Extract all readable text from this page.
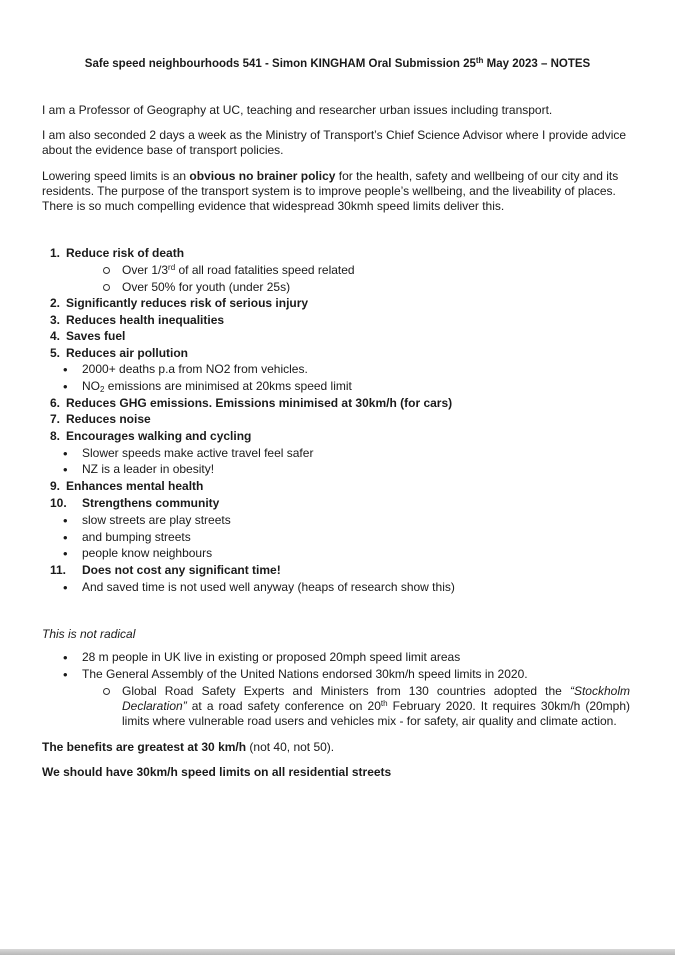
Safe speed neighbourhoods 541 - Simon KINGHAM Oral Submission 25th May 2023 – NOTES
I am a Professor of Geography at UC, teaching and researcher urban issues including transport.
I am also seconded 2 days a week as the Ministry of Transport’s Chief Science Advisor where I provide advice about the evidence base of transport policies.
Lowering speed limits is an obvious no brainer policy for the health, safety and wellbeing of our city and its residents. The purpose of the transport system is to improve people’s wellbeing, and the liveability of places. There is so much compelling evidence that widespread 30kmh speed limits deliver this.
1. Reduce risk of death
Over 1/3rd of all road fatalities speed related
Over 50% for youth (under 25s)
2. Significantly reduces risk of serious injury
3. Reduces health inequalities
4. Saves fuel
5. Reduces air pollution
• 2000+ deaths p.a from NO2 from vehicles.
• $NO_2$ emissions are minimised at 20kms speed limit
6. Reduces GHG emissions. Emissions minimised at 30km/h (for cars)
7. Reduces noise
8. Encourages walking and cycling
• Slower speeds make active travel feel safer
• NZ is a leader in obesity!
9. Enhances mental health
10. Strengthens community
• slow streets are play streets
• and bumping streets
• people know neighbours
11. Does not cost any significant time!
• And saved time is not used well anyway (heaps of research show this)
This is not radical
• 28 m people in UK live in existing or proposed 20mph speed limit areas
• The General Assembly of the United Nations endorsed 30km/h speed limits in 2020.
Global Road Safety Experts and Ministers from 130 countries adopted the “Stockholm Declaration” at a road safety conference on 20th February 2020. It requires 30km/h (20mph) limits where vulnerable road users and vehicles mix - for safety, air quality and climate action.
The benefits are greatest at 30 km/h (not 40, not 50).
We should have 30km/h speed limits on all residential streets
